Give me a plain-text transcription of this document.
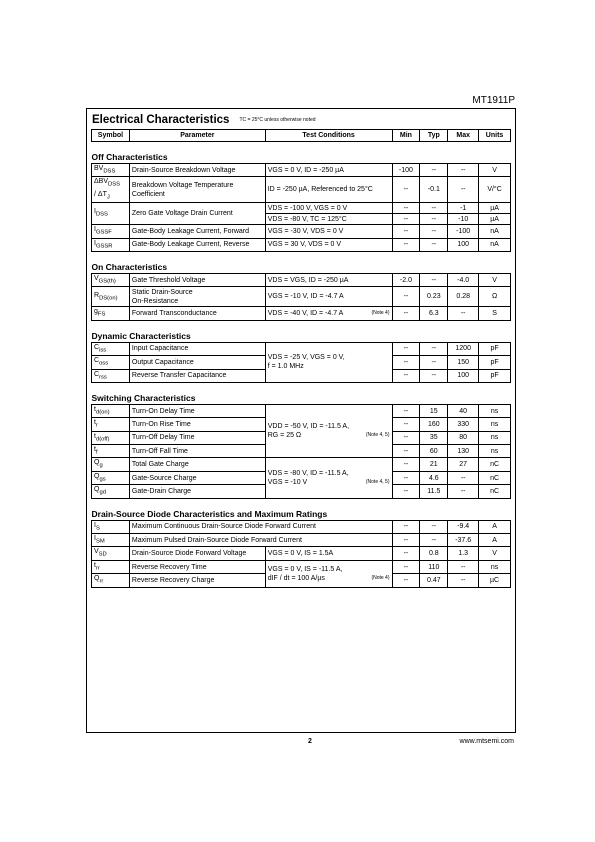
MT1911P
Electrical Characteristics TC = 25°C unless otherwise noted
Symbol	Parameter	Test Conditions	Min	Typ	Max	Units
Off Characteristics						
$BV_{DSS}$	Drain-Source Breakdown Voltage	VGS = 0 V, ID = -250 µA	-100	--	--	V
$\Delta BV_{DSS}$
/ $\Delta T_J$	Breakdown Voltage Temperature Coefficient	ID = -250 µA, Referenced to 25°C	--	-0.1	--	V/°C
$I_{DSS}$	Zero Gate Voltage Drain Current	VDS = -100 V, VGS = 0 V	--	--	-1	µA
		VDS = -80 V, TC = 125°C	--	--	-10	µA
$I_{GSSF}$	Gate-Body Leakage Current, Forward	VGS = -30 V, VDS = 0 V	--	--	-100	nA
$I_{GSSR}$	Gate-Body Leakage Current, Reverse	VGS = 30 V, VDS = 0 V	--	--	100	nA
On Characteristics						
$V_{GS(th)}$	Gate Threshold Voltage	VDS = VGS, ID = -250 µA	-2.0	--	-4.0	V
$R_{DS(on)}$	Static Drain-Source
On-Resistance	VGS = -10 V, ID = -4.7 A	--	0.23	0.28	Ω
$g_{FS}$	Forward Transconductance	VDS = -40 V, ID = -4.7 A (Note 4)	--	6.3	--	S
Dynamic Characteristics						
$C_{iss}$	Input Capacitance	VDS = -25 V, VGS = 0 V,
f = 1.0 MHz	--	--	1200	pF
$C_{oss}$	Output Capacitance		--	--	150	pF
$C_{rss}$	Reverse Transfer Capacitance		--	--	100	pF
Switching Characteristics						
$t_{d(on)}$	Turn-On Delay Time	VDD = -50 V, ID = -11.5 A,
RG = 25 Ω (Note 4, 5)	--	15	40	ns
$t_r$	Turn-On Rise Time		--	160	330	ns
$t_{d(off)}$	Turn-Off Delay Time		--	35	80	ns
$t_f$	Turn-Off Fall Time		--	60	130	ns
$Q_g$	Total Gate Charge	VDS = -80 V, ID = -11.5 A,
VGS = -10 V (Note 4, 5)	--	21	27	nC
$Q_{gs}$	Gate-Source Charge		--	4.6	--	nC
$Q_{gd}$	Gate-Drain Charge		--	11.5	--	nC
Drain-Source Diode Characteristics and Maximum Ratings						
$I_S$	Maximum Continuous Drain-Source Diode Forward Current		--	--	-9.4	A
$I_{SM}$	Maximum Pulsed Drain-Source Diode Forward Current		--	--	-37.6	A
$V_{SD}$	Drain-Source Diode Forward Voltage	VGS = 0 V, IS = 1.5A	--	0.8	1.3	V
$t_{rr}$	Reverse Recovery Time	VGS = 0 V, IS = -11.5 A,
dIF / dt = 100 A/µs (Note 4)	--	110	--	ns
$Q_{rr}$	Reverse Recovery Charge		--	0.47	--	µC
2	www.mtsemi.com
